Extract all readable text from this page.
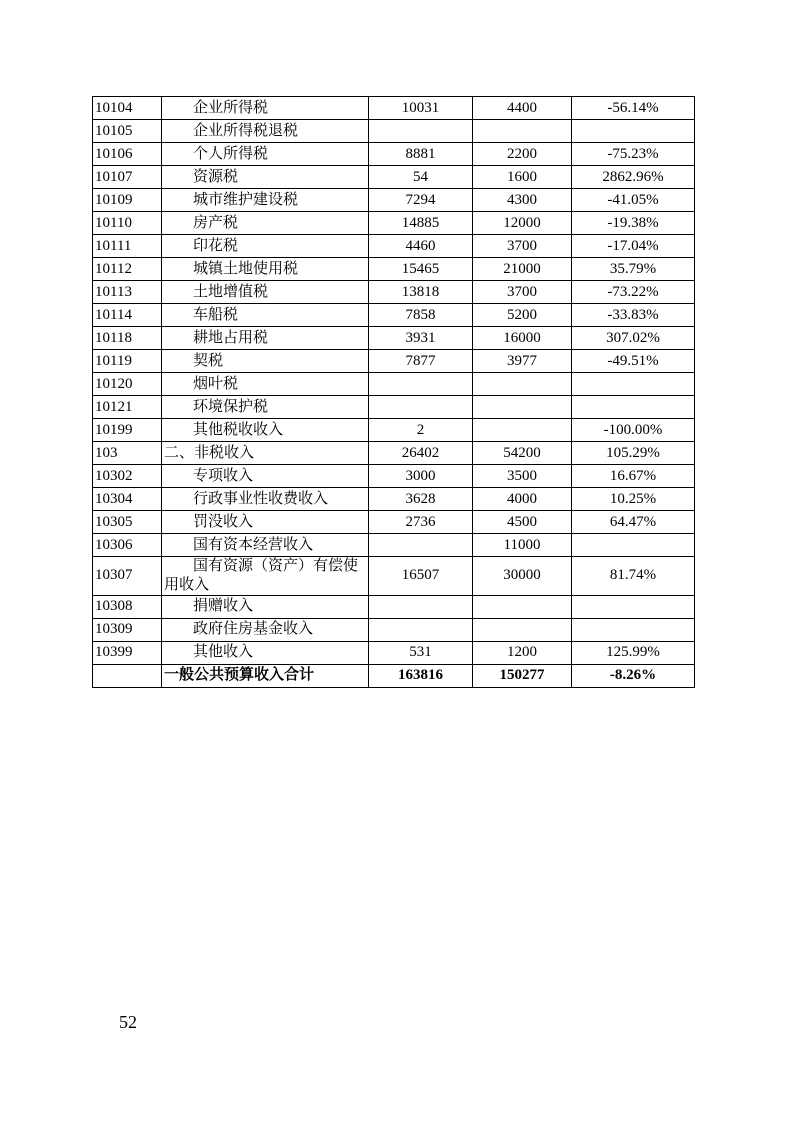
10104	企业所得税	10031	4400	-56.14%
10105	企业所得税退税			
10106	个人所得税	8881	2200	-75.23%
10107	资源税	54	1600	2862.96%
10109	城市维护建设税	7294	4300	-41.05%
10110	房产税	14885	12000	-19.38%
10111	印花税	4460	3700	-17.04%
10112	城镇土地使用税	15465	21000	35.79%
10113	土地增值税	13818	3700	-73.22%
10114	车船税	7858	5200	-33.83%
10118	耕地占用税	3931	16000	307.02%
10119	契税	7877	3977	-49.51%
10120	烟叶税			
10121	环境保护税			
10199	其他税收收入	2		-100.00%
103	二、非税收入	26402	54200	105.29%
10302	专项收入	3000	3500	16.67%
10304	行政事业性收费收入	3628	4000	10.25%
10305	罚没收入	2736	4500	64.47%
10306	国有资本经营收入		11000	
10307	国有资源（资产）有偿使用收入	16507	30000	81.74%
10308	捐赠收入			
10309	政府住房基金收入			
10399	其他收入	531	1200	125.99%
	一般公共预算收入合计	163816	150277	-8.26%
52
